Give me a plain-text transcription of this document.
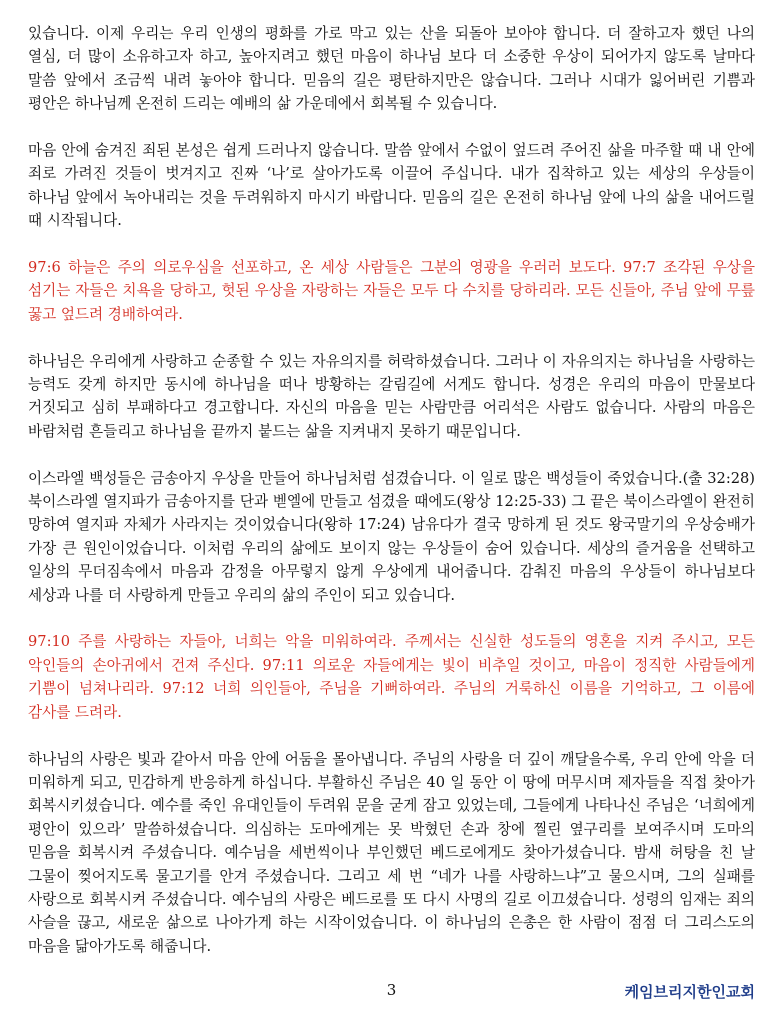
있습니다. 이제 우리는 우리 인생의 평화를 가로 막고 있는 산을 되돌아 보아야 합니다. 더 잘하고자 했던 나의 열심, 더 많이 소유하고자 하고, 높아지려고 했던 마음이 하나님 보다 더 소중한 우상이 되어가지 않도록 날마다 말씀 앞에서 조금씩 내려 놓아야 합니다. 믿음의 길은 평탄하지만은 않습니다. 그러나 시대가 잃어버린 기쁨과 평안은 하나님께 온전히 드리는 예배의 삶 가운데에서 회복될 수 있습니다.

마음 안에 숨겨진 죄된 본성은 쉽게 드러나지 않습니다. 말씀 앞에서 수없이 엎드려 주어진 삶을 마주할 때 내 안에 죄로 가려진 것들이 벗겨지고 진짜 ‘나’로 살아가도록 이끌어 주십니다. 내가 집착하고 있는 세상의 우상들이 하나님 앞에서 녹아내리는 것을 두려워하지 마시기 바랍니다. 믿음의 길은 온전히 하나님 앞에 나의 삶을 내어드릴 때 시작됩니다.

97:6 하늘은 주의 의로우심을 선포하고, 온 세상 사람들은 그분의 영광을 우러러 보도다. 97:7 조각된 우상을 섬기는 자들은 치욕을 당하고, 헛된 우상을 자랑하는 자들은 모두 다 수치를 당하리라. 모든 신들아, 주님 앞에 무릎 꿇고 엎드려 경배하여라.

하나님은 우리에게 사랑하고 순종할 수 있는 자유의지를 허락하셨습니다. 그러나 이 자유의지는 하나님을 사랑하는 능력도 갖게 하지만 동시에 하나님을 떠나 방황하는 갈림길에 서게도 합니다. 성경은 우리의 마음이 만물보다 거짓되고 심히 부패하다고 경고합니다. 자신의 마음을 믿는 사람만큼 어리석은 사람도 없습니다. 사람의 마음은 바람처럼 흔들리고 하나님을 끝까지 붙드는 삶을 지켜내지 못하기 때문입니다.

이스라엘 백성들은 금송아지 우상을 만들어 하나님처럼 섬겼습니다. 이 일로 많은 백성들이 죽었습니다.(출 32:28) 북이스라엘 열지파가 금송아지를 단과 벧엘에 만들고 섬겼을 때에도(왕상 12:25-33) 그 끝은 북이스라엘이 완전히 망하여 열지파 자체가 사라지는 것이었습니다(왕하 17:24) 남유다가 결국 망하게 된 것도 왕국말기의 우상숭배가 가장 큰 원인이었습니다. 이처럼 우리의 삶에도 보이지 않는 우상들이 숨어 있습니다. 세상의 즐거움을 선택하고 일상의 무더짐속에서 마음과 감정을 아무렇지 않게 우상에게 내어줍니다. 감춰진 마음의 우상들이 하나님보다 세상과 나를 더 사랑하게 만들고 우리의 삶의 주인이 되고 있습니다.

97:10 주를 사랑하는 자들아, 너희는 악을 미워하여라. 주께서는 신실한 성도들의 영혼을 지켜 주시고, 모든 악인들의 손아귀에서 건져 주신다. 97:11 의로운 자들에게는 빛이 비추일 것이고, 마음이 정직한 사람들에게 기쁨이 넘쳐나리라. 97:12 너희 의인들아, 주님을 기뻐하여라. 주님의 거룩하신 이름을 기억하고, 그 이름에 감사를 드려라.

하나님의 사랑은 빛과 같아서 마음 안에 어둠을 몰아냅니다. 주님의 사랑을 더 깊이 깨달을수록, 우리 안에 악을 더 미워하게 되고, 민감하게 반응하게 하십니다. 부활하신 주님은 40 일 동안 이 땅에 머무시며 제자들을 직접 찾아가 회복시키셨습니다. 예수를 죽인 유대인들이 두려워 문을 굳게 잠고 있었는데, 그들에게 나타나신 주님은 ‘너희에게 평안이 있으라’ 말씀하셨습니다. 의심하는 도마에게는 못 박혔던 손과 창에 찔린 옆구리를 보여주시며 도마의 믿음을 회복시켜 주셨습니다. 예수님을 세번씩이나 부인했던 베드로에게도 찾아가셨습니다. 밤새 허탕을 친 날 그물이 찢어지도록 물고기를 안겨 주셨습니다. 그리고 세 번 “네가 나를 사랑하느냐”고 물으시며, 그의 실패를 사랑으로 회복시켜 주셨습니다. 예수님의 사랑은 베드로를 또 다시 사명의 길로 이끄셨습니다. 성령의 임재는 죄의 사슬을 끊고, 새로운 삶으로 나아가게 하는 시작이었습니다. 이 하나님의 은총은 한 사람이 점점 더 그리스도의 마음을 닮아가도록 해줍니다.

3	케임브리지한인교회
